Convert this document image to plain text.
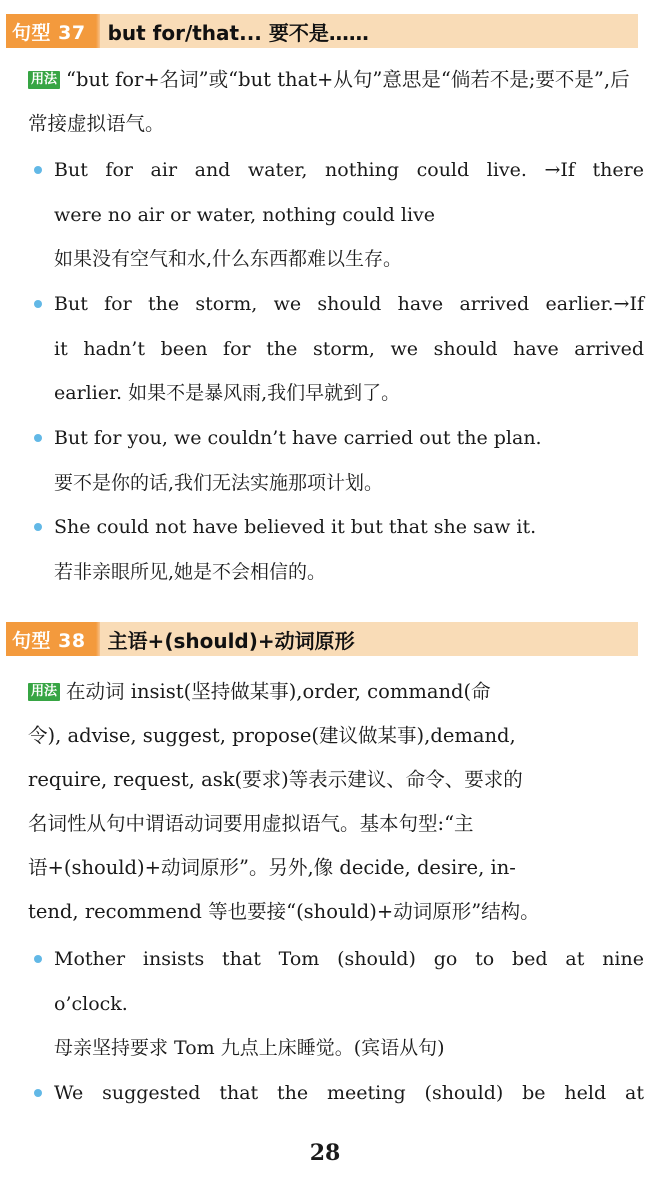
句型 37	but for/that... 要不是……
用法 “but for+名词”或“but that+从句”意思是“倘若不是;要不是”,后常接虚拟语气。
But for air and water, nothing could live. →If there
were no air or water, nothing could live
如果没有空气和水,什么东西都难以生存。
But for the storm, we should have arrived earlier.→If
it hadn’t been for the storm, we should have arrived
earlier. 如果不是暴风雨,我们早就到了。
But for you, we couldn’t have carried out the plan.
要不是你的话,我们无法实施那项计划。
She could not have believed it but that she saw it.
若非亲眼所见,她是不会相信的。
句型 38	主语+(should)+动词原形
用法 在动词 insist(坚持做某事),order, command(命
令), advise, suggest, propose(建议做某事),demand,
require, request, ask(要求)等表示建议、命令、要求的
名词性从句中谓语动词要用虚拟语气。基本句型:“主
语+(should)+动词原形”。另外,像 decide, desire, in-
tend, recommend 等也要接“(should)+动词原形”结构。
Mother insists that Tom (should) go to bed at nine
o’clock.
母亲坚持要求 Tom 九点上床睡觉。(宾语从句)
We suggested that the meeting (should) be held at
28
